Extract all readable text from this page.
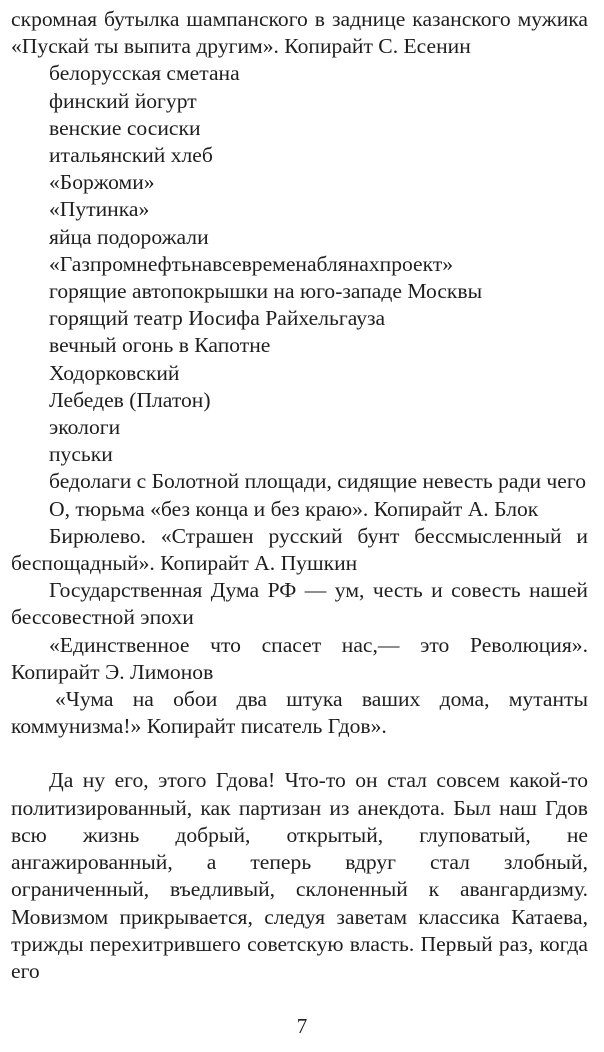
скромная бутылка шампанского в заднице казанского мужика «Пускай ты выпита другим». Копирайт С. Есенин

белорусская сметана

финский йогурт

венские сосиски

итальянский хлеб

«Боржоми»

«Путинка»

яйца подорожали

«Газпромнефтьнавсевременаблянахпроект»

горящие автопокрышки на юго-западе Москвы

горящий театр Иосифа Райхельгауза

вечный огонь в Капотне

Ходорковский

Лебедев (Платон)

экологи

пуськи

бедолаги с Болотной площади, сидящие невесть ради чего

О, тюрьма «без конца и без краю». Копирайт А. Блок

Бирюлево. «Страшен русский бунт бессмысленный и беспощадный». Копирайт А. Пушкин

Государственная Дума РФ — ум, честь и совесть нашей бессовестной эпохи

«Единственное что спасет нас,— это Революция». Копирайт Э. Лимонов

«Чума на обои два штука ваших дома, мутанты коммунизма!» Копирайт писатель Гдов».

Да ну его, этого Гдова! Что-то он стал совсем какой-то политизированный, как партизан из анекдота. Был наш Гдов всю жизнь добрый, открытый, глуповатый, не ангажированный, а теперь вдруг стал злобный, ограниченный, въедливый, склоненный к авангардизму. Мовизмом прикрывается, следуя заветам классика Катаева, трижды перехитрившего советскую власть. Первый раз, когда его

7
